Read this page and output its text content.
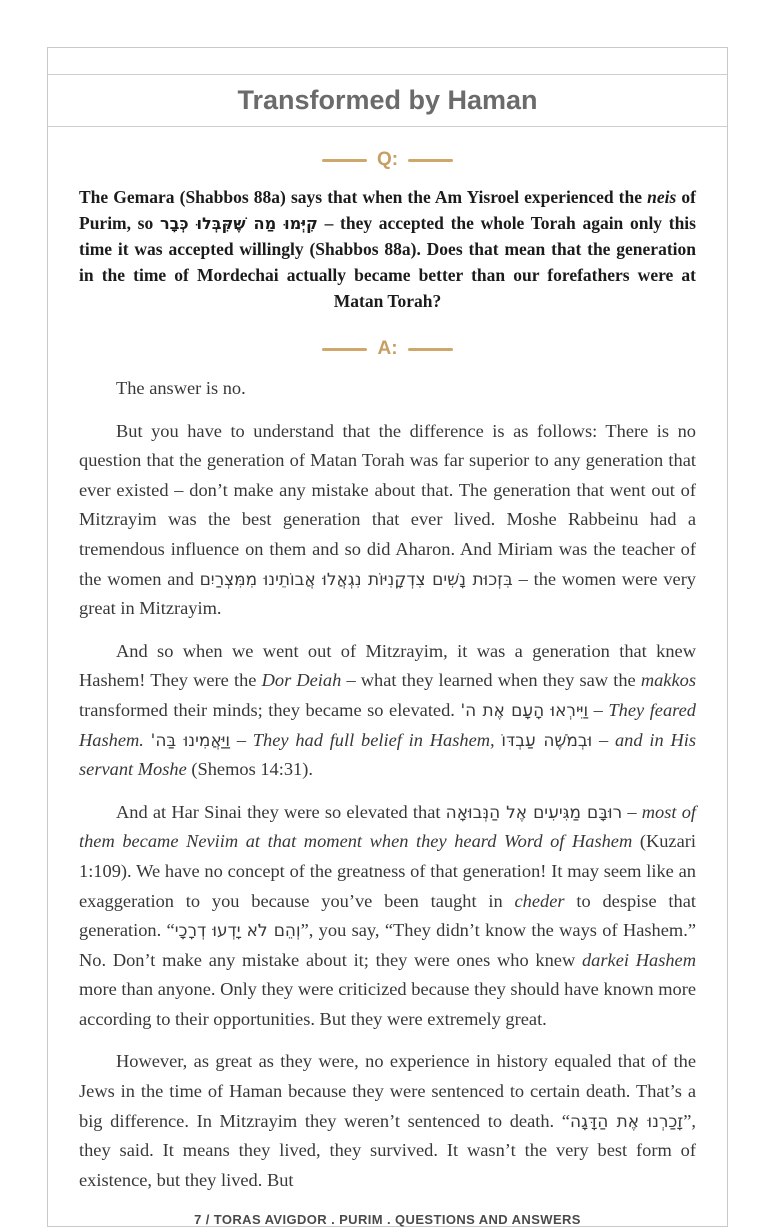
Transformed by Haman
Q:
The Gemara (Shabbos 88a) says that when the Am Yisroel experienced the neis of Purim, so קִיְּמוּ מַה שֶּׁקִּבְּלוּ כְּבָר – they accepted the whole Torah again only this time it was accepted willingly (Shabbos 88a). Does that mean that the generation in the time of Mordechai actually became better than our forefathers were at Matan Torah?
A:

The answer is no.

But you have to understand that the difference is as follows: There is no question that the generation of Matan Torah was far superior to any generation that ever existed – don’t make any mistake about that. The generation that went out of Mitzrayim was the best generation that ever lived. Moshe Rabbeinu had a tremendous influence on them and so did Aharon. And Miriam was the teacher of the women and בִּזְכוּת נָשִׁים צִדְקָנִיּוֹת נִגְאֲלוּ אֲבוֹתֵינוּ מִמִּצְרַיִם – the women were very great in Mitzrayim.

And so when we went out of Mitzrayim, it was a generation that knew Hashem! They were the Dor Deiah – what they learned when they saw the makkos transformed their minds; they became so elevated. וַיִּירְאוּ הָעָם אֶת ה' – They feared Hashem. וַיַּאֲמִינוּ בַּה' – They had full belief in Hashem, וּבְמֹשֶׁה עַבְדּוֹ – and in His servant Moshe (Shemos 14:31).

And at Har Sinai they were so elevated that רוּבָּם מַגִּיעִים אֶל הַנְּבוּאָה – most of them became Neviim at that moment when they heard Word of Hashem (Kuzari 1:109). We have no concept of the greatness of that generation! It may seem like an exaggeration to you because you’ve been taught in cheder to despise that generation. “וְהֵם לֹא יָדְעוּ דְרָכָי”, you say, “They didn’t know the ways of Hashem.” No. Don’t make any mistake about it; they were ones who knew darkei Hashem more than anyone. Only they were criticized because they should have known more according to their opportunities. But they were extremely great.

However, as great as they were, no experience in history equaled that of the Jews in the time of Haman because they were sentenced to certain death. That’s a big difference. In Mitzrayim they weren’t sentenced to death. “זָכַרְנוּ אֶת הַדָּגָה”, they said. It means they lived, they survived. It wasn’t the very best form of existence, but they lived. But

7 / TORAS AVIGDOR . PURIM . QUESTIONS AND ANSWERS
